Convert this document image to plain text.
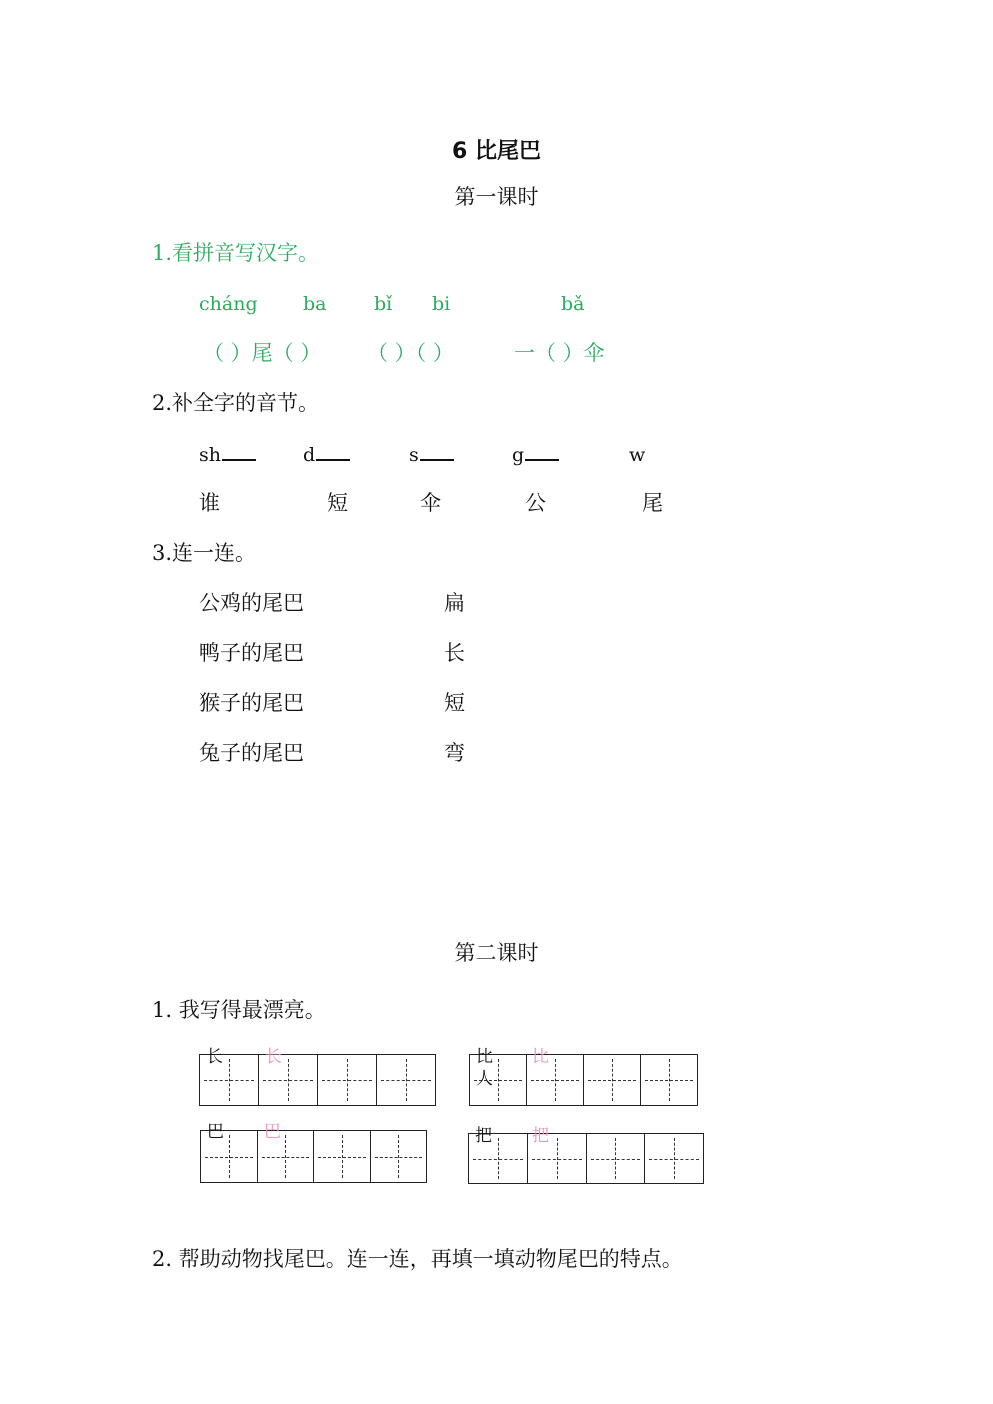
6 比尾巴
第一课时
1.看拼音写汉字。
cháng ba	bǐ bi	bǎ
（ ）尾（ ） （ ）（ ）	一（ ）伞
2.补全字的音节。
sh	d	s	g	w
谁	短	伞	公	尾
3.连一连。
公鸡的尾巴
鸭子的尾巴
猴子的尾巴
兔子的尾巴
扁
长
短
弯
第二课时
1. 我写得最漂亮。
长 长	比
人
比
巴 巴	把 把
2. 帮助动物找尾巴。连一连，再填一填动物尾巴的特点。
